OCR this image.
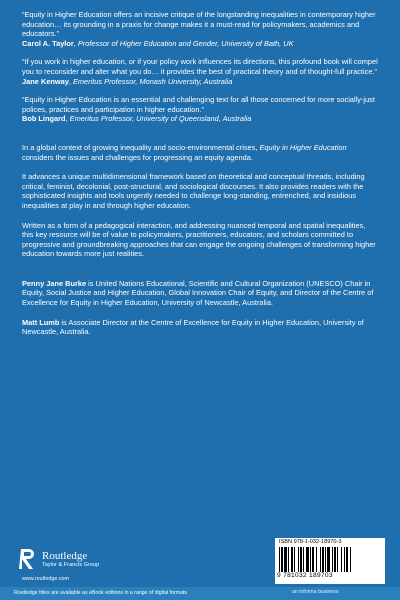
“Equity in Higher Education offers an incisive critique of the longstanding inequalities in contemporary higher education… its grounding in a praxis for change makes it a must-read for policymakers, academics and educators.”
Carol A. Taylor, Professor of Higher Education and Gender, University of Bath, UK
“If you work in higher education, or if your policy work influences its directions, this profound book will compel you to reconsider and alter what you do… it provides the best of practical theory and of thought-full practice.”
Jane Kenway, Emeritus Professor, Monash University, Australia
“Equity in Higher Education is an essential and challenging text for all those concerned for more socially-just polices, practices and participation in higher education.”
Bob Lingard, Emeritus Professor, University of Queensland, Australia

In a global context of growing inequality and socio-environmental crises, Equity in Higher Education considers the issues and challenges for progressing an equity agenda.

It advances a unique multidimensional framework based on theoretical and conceptual threads, including critical, feminist, decolonial, post-structural, and sociological discourses. It also provides readers with the sophisticated insights and tools urgently needed to challenge long-standing, entrenched, and insidious inequalities at play in and through higher education.

Written as a form of a pedagogical interaction, and addressing nuanced temporal and spatial inequalities, this key resource will be of value to policymakers, practitioners, educators, and scholars committed to progressive and groundbreaking approaches that can engage the ongoing challenges of transforming higher education towards more just realities.

Penny Jane Burke is United Nations Educational, Scientific and Cultural Organization (UNESCO) Chair in Equity, Social Justice and Higher Education, Global Innovation Chair of Equity, and Director of the Centre of Excellence for Equity in Higher Education, University of Newcastle, Australia.

Matt Lumb is Associate Director at the Centre of Excellence for Equity in Higher Education, University of Newcastle, Australia.

Routledge
Taylor & Francis Group
www.routledge.com
ISBN 978-1-032-18970-3
9 781032 189703
Routledge titles are available as eBook editions in a range of digital formats	an informa business
